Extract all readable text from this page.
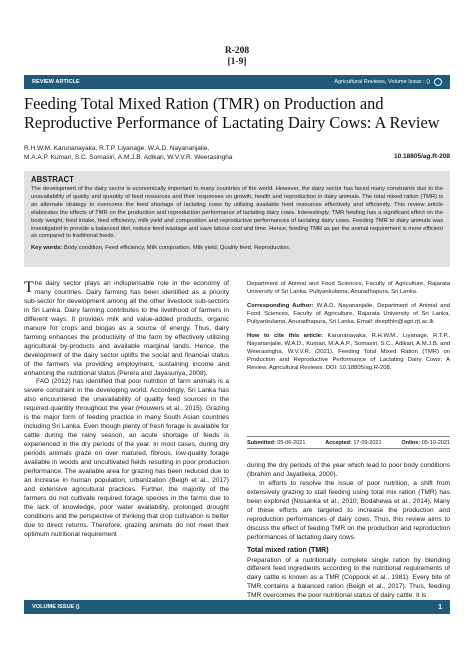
R-208
[1-9]
REVIEW ARTICLE	Agricultural Reviews, Volume Issue : ()
Feeding Total Mixed Ration (TMR) on Production and Reproductive Performance of Lactating Dairy Cows: A Review
R.H.W.M. Karunanayaka, R.T.P. Liyanage, W.A.D. Nayananjalie,
M.A.A.P. Kumari, S.C. Somasiri, A.M.J.B. Adikari, W.V.V.R. Weerasingha	10.18805/ag.R-208
ABSTRACT

The development of the dairy sector is economically important to many countries of the world. However, the dairy sector has faced many constraints due to the unavailability of quality and quantity of feed resources and their responses on growth, health and reproduction in dairy animals. The total mixed ration (TMR) is an alternate strategy to overcome the feed shortage of lactating cows by utilizing available feed resources effectively and efficiently. This review article elaborates the effects of TMR on the production and reproduction performance of lactating dairy cows. Interestingly, TMR feeding has a significant effect on the body weight, feed intake, feed efficiency, milk yield and composition and reproductive performances of lactating dairy cows. Feeding TMR to dairy animals was investigated to provide a balanced diet, reduce feed wastage and save labour cost and time. Hence, feeding TMR as per the animal requirement is more efficient as compared to traditional feeds.

Key words: Body condition, Feed efficiency, Milk composition, Milk yield, Quality feed, Reproduction.

The dairy sector plays an indispensable role in the economy of many countries. Dairy farming has been identified as a priority sub-sector for development among all the other livestock sub-sectors in Sri Lanka. Dairy farming contributes to the livelihood of farmers in different ways. It provides milk and value-added products, organic manure for crops and biogas as a source of energy. Thus, dairy farming enhances the productivity of the farm by effectively utilizing agricultural by-products and available marginal lands. Hence, the development of the dairy sector uplifts the social and financial status of the farmers via providing employment, sustaining income and enhancing the nutritional status (Perera and Jayasuriya, 2008).

FAO (2012) has identified that poor nutrition of farm animals is a severe constraint in the developing world. Accordingly, Sri Lanka has also encountered the unavailability of quality feed sources in the required quantity throughout the year (Houwers et al., 2015). Grazing is the major form of feeding practice in many South Asian countries including Sri Lanka. Even though plenty of fresh forage is available for cattle during the rainy season, an acute shortage of feeds is experienced in the dry periods of the year. In most cases, during dry periods animals graze on over matured, fibrous, low-quality forage available in woods and uncultivated fields resulting in poor production performance. The available area for grazing has been reduced due to an increase in human population, urbanization (Beigh et al., 2017) and extensive agricultural practices. Further, the majority of the farmers do not cultivate required forage species in the farms due to the lack of knowledge, poor water availability, prolonged drought conditions and the perspective of thinking that crop cultivation is better due to direct returns. Therefore, grazing animals do not meet their optimum nutritional requirement

Department of Animal and Food Sciences, Faculty of Agriculture, Rajarata University of Sri Lanka, Puliyankulama, Anuradhapura, Sri Lanka.

Corresponding Author: W.A.D. Nayananjalie, Department of Animal and Food Sciences, Faculty of Agriculture, Rajarata University of Sri Lanka, Puliyankulama, Anuradhapura, Sri Lanka. Email: deepthin@agri.rjt.ac.lk

How to cite this article: Karunanayaka, R.H.W.M., Liyanage, R.T.P., Nayananjalie, W.A.D., Kumari, M.A.A.P., Somasiri, S.C., Adikari, A.M.J.B. and Weerasingha, W.V.V.R. (2021). Feeding Total Mixed Ration (TMR) on Production and Reproductive Performance of Lactating Dairy Cows: A Review. Agricultural Reviews. DOI: 10.18805/ag.R-208.

Submitted: 05-06-2021	Accepted: 17-09-2021	Online: 05-10-2021

during the dry periods of the year which lead to poor body conditions (Ibrahim and Jayatileka, 2000).

In efforts to resolve the issue of poor nutrition, a shift from extensively grazing to stall feeding using total mix ration (TMR) has been explored (Nissanka et al., 2010; Bodahewa et al., 2014). Many of these efforts are targeted to increase the production and reproduction performances of dairy cows. Thus, this review aims to discuss the effect of feeding TMR on the production and reproduction performances of lactating dairy cows.

Total mixed ration (TMR)

Preparation of a nutritionally complete single ration by blending different feed ingredients according to the nutritional requirements of dairy cattle is known as a TMR (Coppock et al., 1981). Every bite of TMR contains a balanced ration (Beigh et al., 2017). Thus, feeding TMR overcomes the poor nutritional status of dairy cattle. It is

VOLUME ISSUE ()	1
